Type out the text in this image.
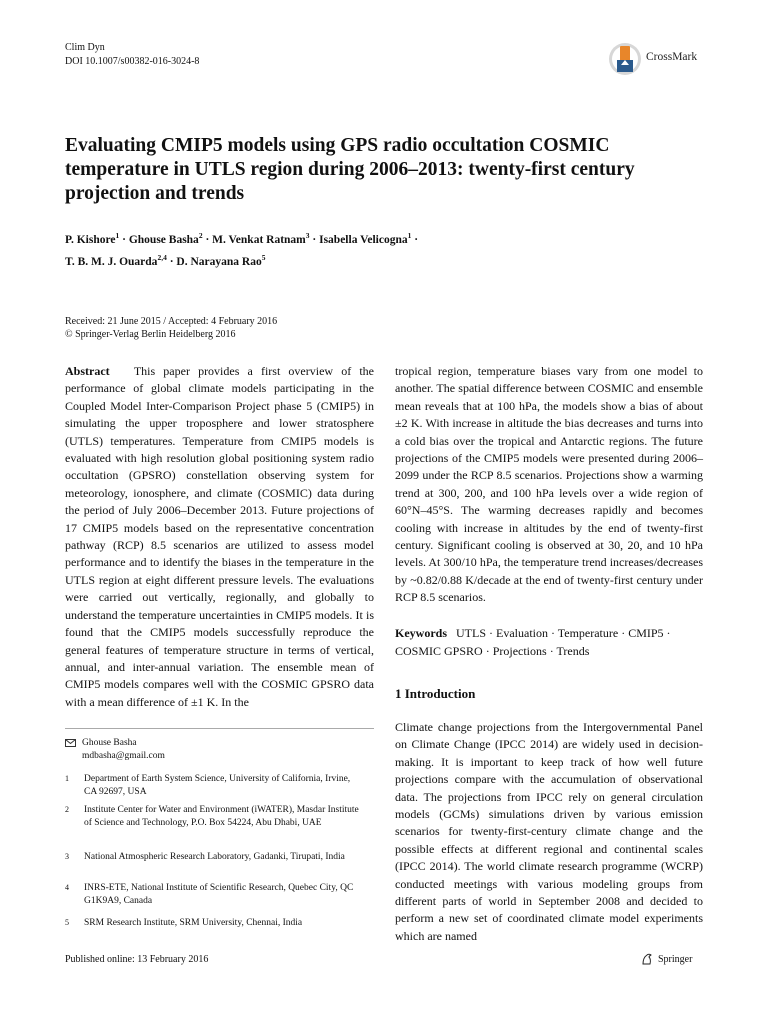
Clim Dyn
DOI 10.1007/s00382-016-3024-8	CrossMark
Evaluating CMIP5 models using GPS radio occultation COSMIC temperature in UTLS region during 2006–2013: twenty-first century projection and trends
P. Kishore$^1$ · Ghouse Basha$^2$ · M. Venkat Ratnam$^3$ · Isabella Velicogna$^1$ ·
T. B. M. J. Ouarda$^{2,4}$ · D. Narayana Rao$^5$
Received: 21 June 2015 / Accepted: 4 February 2016
© Springer-Verlag Berlin Heidelberg 2016
Abstract This paper provides a first overview of the performance of global climate models participating in the Coupled Model Inter-Comparison Project phase 5 (CMIP5) in simulating the upper troposphere and lower stratosphere (UTLS) temperatures. Temperature from CMIP5 models is evaluated with high resolution global positioning system radio occultation (GPSRO) constellation observing system for meteorology, ionosphere, and climate (COSMIC) data during the period of July 2006–December 2013. Future projections of 17 CMIP5 models based on the representative concentration pathway (RCP) 8.5 scenarios are utilized to assess model performance and to identify the biases in the temperature in the UTLS region at eight different pressure levels. The evaluations were carried out vertically, regionally, and globally to understand the temperature uncertainties in CMIP5 models. It is found that the CMIP5 models successfully reproduce the general features of temperature structure in terms of vertical, annual, and inter-annual variation. The ensemble mean of CMIP5 models compares well with the COSMIC GPSRO data with a mean difference of ±1 K. In the
tropical region, temperature biases vary from one model to another. The spatial difference between COSMIC and ensemble mean reveals that at 100 hPa, the models show a bias of about ±2 K. With increase in altitude the bias decreases and turns into a cold bias over the tropical and Antarctic regions. The future projections of the CMIP5 models were presented during 2006–2099 under the RCP 8.5 scenarios. Projections show a warming trend at 300, 200, and 100 hPa levels over a wide region of 60°N–45°S. The warming decreases rapidly and becomes cooling with increase in altitudes by the end of twenty-first century. Significant cooling is observed at 30, 20, and 10 hPa levels. At 300/10 hPa, the temperature trend increases/decreases by ~0.82/0.88 K/decade at the end of twenty-first century under RCP 8.5 scenarios.
Keywords UTLS · Evaluation · Temperature · CMIP5 · COSMIC GPSRO · Projections · Trends
1 Introduction
Climate change projections from the Intergovernmental Panel on Climate Change (IPCC 2014) are widely used in decision-making. It is important to keep track of how well future projections compare with the accumulation of observational data. The projections from IPCC rely on general circulation models (GCMs) simulations driven by various emission scenarios for twenty-first-century climate change and the possible effects at different regional and continental scales (IPCC 2014). The world climate research programme (WCRP) conducted meetings with various modeling groups from different parts of world in September 2008 and decided to perform a new set of coordinated climate model experiments which are named
Ghouse Basha
mdbasha@gmail.com
1 Department of Earth System Science, University of California, Irvine, CA 92697, USA
2 Institute Center for Water and Environment (iWATER), Masdar Institute of Science and Technology, P.O. Box 54224, Abu Dhabi, UAE
3 National Atmospheric Research Laboratory, Gadanki, Tirupati, India
4 INRS-ETE, National Institute of Scientific Research, Quebec City, QC G1K9A9, Canada
5 SRM Research Institute, SRM University, Chennai, India
Published online: 13 February 2016	Springer
